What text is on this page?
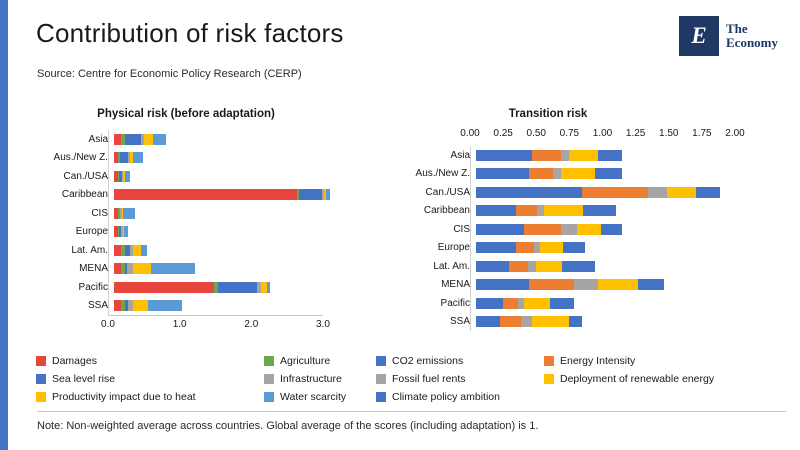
Contribution of risk factors
Source: Centre for Economic Policy Research (CERP)
E	The
Economy
Physical risk (before adaptation)
0.0	1.0	2.0	3.0
Asia
Aus./New Z.
Can./USA
Caribbean
CIS
Europe
Lat. Am.
MENA
Pacific
SSA
Transition risk
0.00 0.25 0.50 0.75 1.00 1.25 1.50 1.75 2.00
Asia
Aus./New Z.
Can./USA
Caribbean
CIS
Europe
Lat. Am.
MENA
Pacific
SSA
Damages	Agriculture	CO2 emissions	Energy Intensity
Sea level rise	Infrastructure	Fossil fuel rents	Deployment of renewable energy
Productivity impact due to heat	Water scarcity	Climate policy ambition
Note: Non-weighted average across countries. Global average of the scores (including adaptation) is 1.
